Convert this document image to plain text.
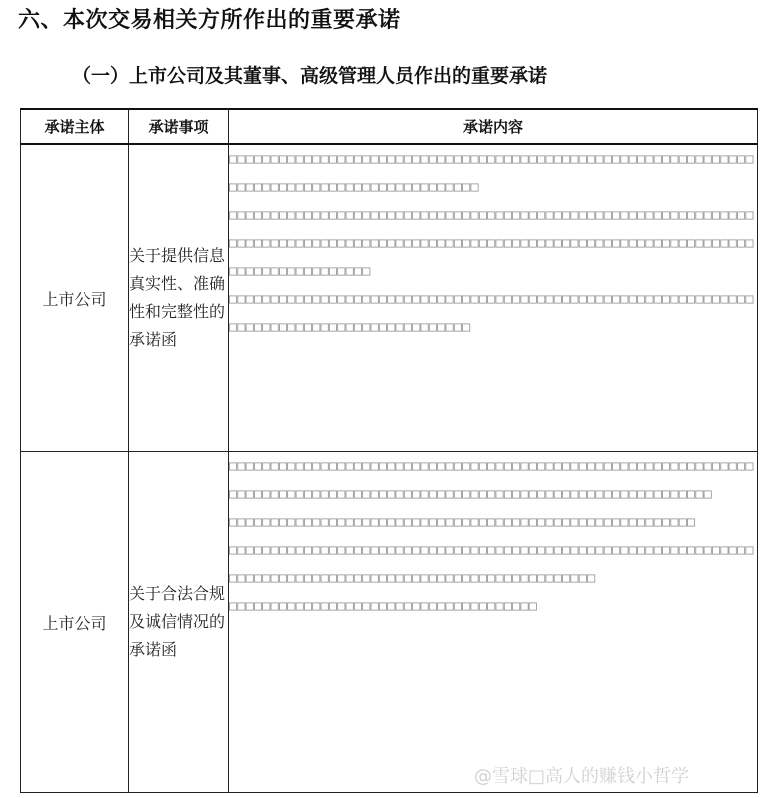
六、本次交易相关方所作出的重要承诺
（一）上市公司及其董事、高级管理人员作出的重要承诺
承诺主体	承诺事项	承诺内容
上市公司	关于提供信息真实性、准确性和完整性的承诺函	□□□□□□□□□□□□□□□□□□□□□□□□□□□□□□□□□□□□□□□□□□□□□□□□□□□□□□□□□□□□□□□□□□□□□□□□□□□□□□□□□□□□□□□□□□□□□

□□□□□□□□□□□□□□□□□□□□□□□□□□□□□□□□□□□□□□□□□□□□□□□□□□□□□□□□□□□□□□□□□□□□□□□□□□□□□□□□□□□□□□□□□□□□□□□□□□□□□□□□□□□□□□□□□□□□□□□□□□□□□□□□□□□□□□□□□□□□□□□

□□□□□□□□□□□□□□□□□□□□□□□□□□□□□□□□□□□□□□□□□□□□□□□□□□□□□□□□□□□□□□□□□□□□□□□□□□□□□□□□□□□□□□□□□□□□

上市公司	关于合法合规及诚信情况的承诺函	□□□□□□□□□□□□□□□□□□□□□□□□□□□□□□□□□□□□□□□□□□□□□□□□□□□□□□□□□□□□□□□□□□□□□□□□□□□□□□□□□□□□□□□□□□□□□□□□□□□□□□□□□□□□□□□□□□□□□□□□□

□□□□□□□□□□□□□□□□□□□□□□□□□□□□□□□□□□□□□□□□□□□□□□□□□□□□□□□□

□□□□□□□□□□□□□□□□□□□□□□□□□□□□□□□□□□□□□□□□□□□□□□□□□□□□□□□□□□□□□□□□□□□□□□□□□□□□□□□□□□□□□□□□□□□□□□□□□□□□□□□□□□□

□□□□□□□□□□□□□□□□□□□□□□□□□□□□□□□□□□□□□

@雪球□高人的赚钱小哲学
